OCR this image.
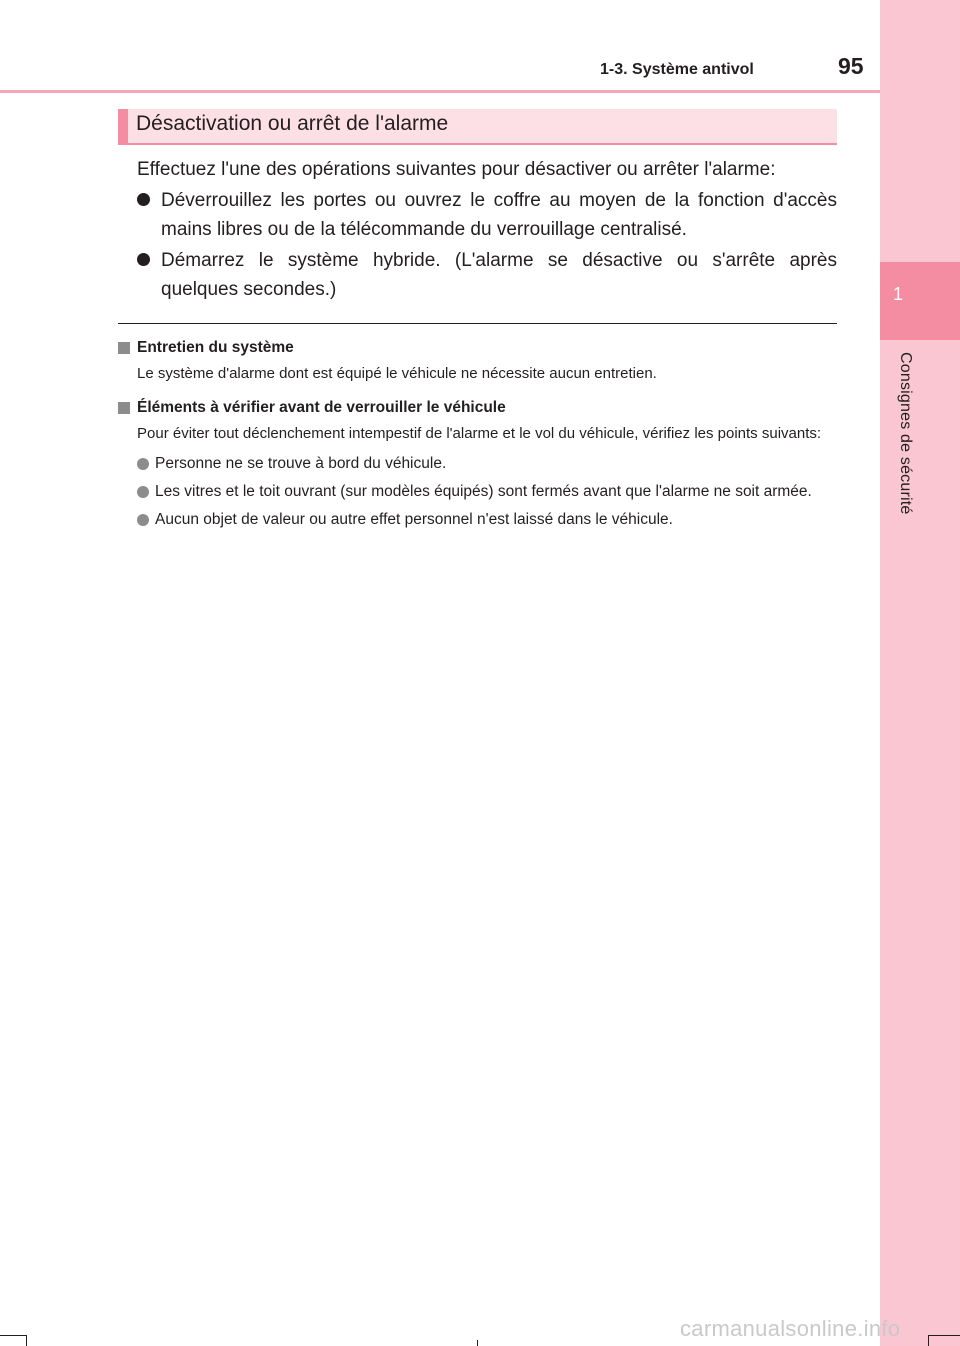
1
Consignes de sécurité
1-3. Système antivol	95
Désactivation ou arrêt de l'alarme

Effectuez l'une des opérations suivantes pour désactiver ou arrêter l'alarme:

Déverrouillez les portes ou ouvrez le coffre au moyen de la fonction d'accès mains libres ou de la télécommande du verrouillage centralisé.
Démarrez le système hybride. (L'alarme se désactive ou s'arrête après quelques secondes.)
Entretien du système
Le système d'alarme dont est équipé le véhicule ne nécessite aucun entretien.
Éléments à vérifier avant de verrouiller le véhicule
Pour éviter tout déclenchement intempestif de l'alarme et le vol du véhicule, vérifiez les points suivants:
Personne ne se trouve à bord du véhicule.
Les vitres et le toit ouvrant (sur modèles équipés) sont fermés avant que l'alarme ne soit armée.
Aucun objet de valeur ou autre effet personnel n'est laissé dans le véhicule.
carmanualsonline.info
